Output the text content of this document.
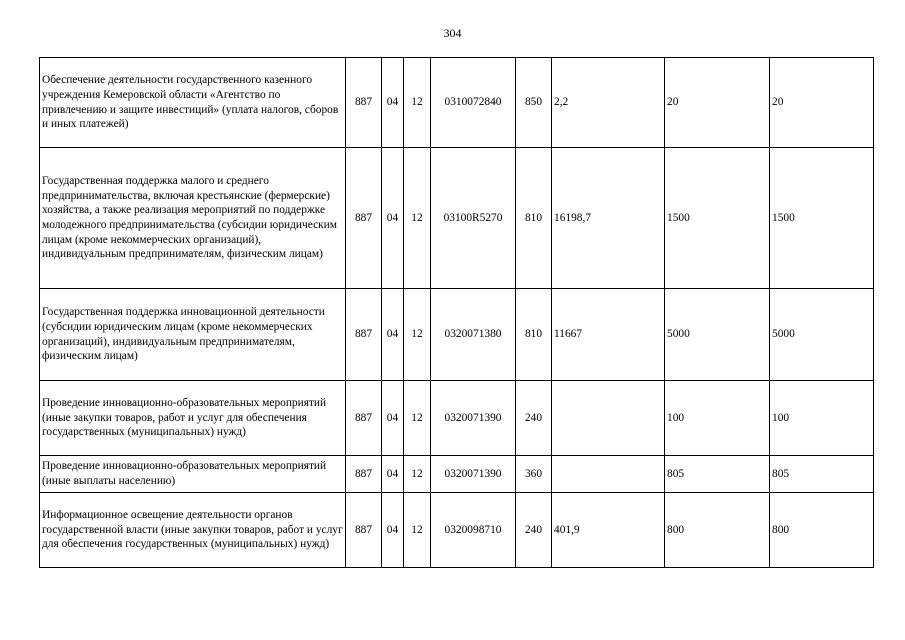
304
Обеспечение деятельности государственного казенного учреждения Кемеровской области «Агентство по привлечению и защите инвестиций» (уплата налогов, сборов и иных платежей)	887	04	12	0310072840	850	2,2	20	20
Государственная поддержка малого и среднего предпринимательства, включая крестьянские (фермерские) хозяйства, а также реализация мероприятий по поддержке молодежного предпринимательства (субсидии юридическим лицам (кроме некоммерческих организаций), индивидуальным предпринимателям, физическим лицам)	887	04	12	03100R5270	810	16198,7	1500	1500
Государственная поддержка инновационной деятельности (субсидии юридическим лицам (кроме некоммерческих организаций), индивидуальным предпринимателям, физическим лицам)	887	04	12	0320071380	810	11667	5000	5000
Проведение инновационно-образовательных мероприятий (иные закупки товаров, работ и услуг для обеспечения государственных (муниципальных) нужд)	887	04	12	0320071390	240		100	100
Проведение инновационно-образовательных мероприятий (иные выплаты населению)	887	04	12	0320071390	360		805	805
Информационное освещение деятельности органов государственной власти (иные закупки товаров, работ и услуг для обеспечения государственных (муниципальных) нужд)	887	04	12	0320098710	240	401,9	800	800
